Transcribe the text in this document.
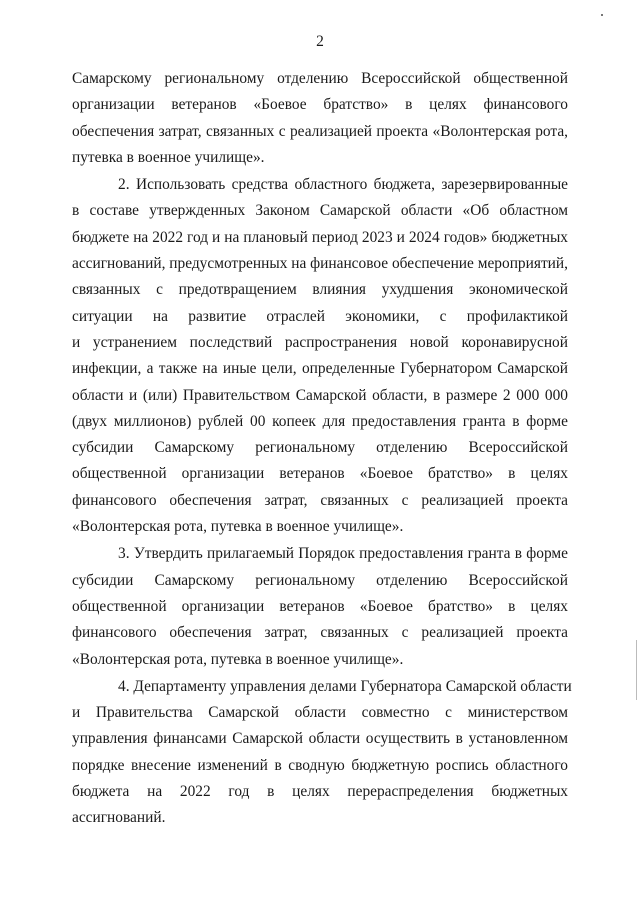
2
Самарскому региональному отделению Всероссийской общественной
организации ветеранов «Боевое братство» в целях финансового
обеспечения затрат, связанных с реализацией проекта «Волонтерская рота,
путевка в военное училище».
2. Использовать средства областного бюджета, зарезервированные
в составе утвержденных Законом Самарской области «Об областном
бюджете на 2022 год и на плановый период 2023 и 2024 годов» бюджетных
ассигнований, предусмотренных на финансовое обеспечение мероприятий,
связанных с предотвращением влияния ухудшения экономической
ситуации на развитие отраслей экономики, с профилактикой
и устранением последствий распространения новой коронавирусной
инфекции, а также на иные цели, определенные Губернатором Самарской
области и (или) Правительством Самарской области, в размере 2 000 000
(двух миллионов) рублей 00 копеек для предоставления гранта в форме
субсидии Самарскому региональному отделению Всероссийской
общественной организации ветеранов «Боевое братство» в целях
финансового обеспечения затрат, связанных с реализацией проекта
«Волонтерская рота, путевка в военное училище».
3. Утвердить прилагаемый Порядок предоставления гранта в форме
субсидии Самарскому региональному отделению Всероссийской
общественной организации ветеранов «Боевое братство» в целях
финансового обеспечения затрат, связанных с реализацией проекта
«Волонтерская рота, путевка в военное училище».
4. Департаменту управления делами Губернатора Самарской области
и Правительства Самарской области совместно с министерством
управления финансами Самарской области осуществить в установленном
порядке внесение изменений в сводную бюджетную роспись областного
бюджета на 2022 год в целях перераспределения бюджетных
ассигнований.
